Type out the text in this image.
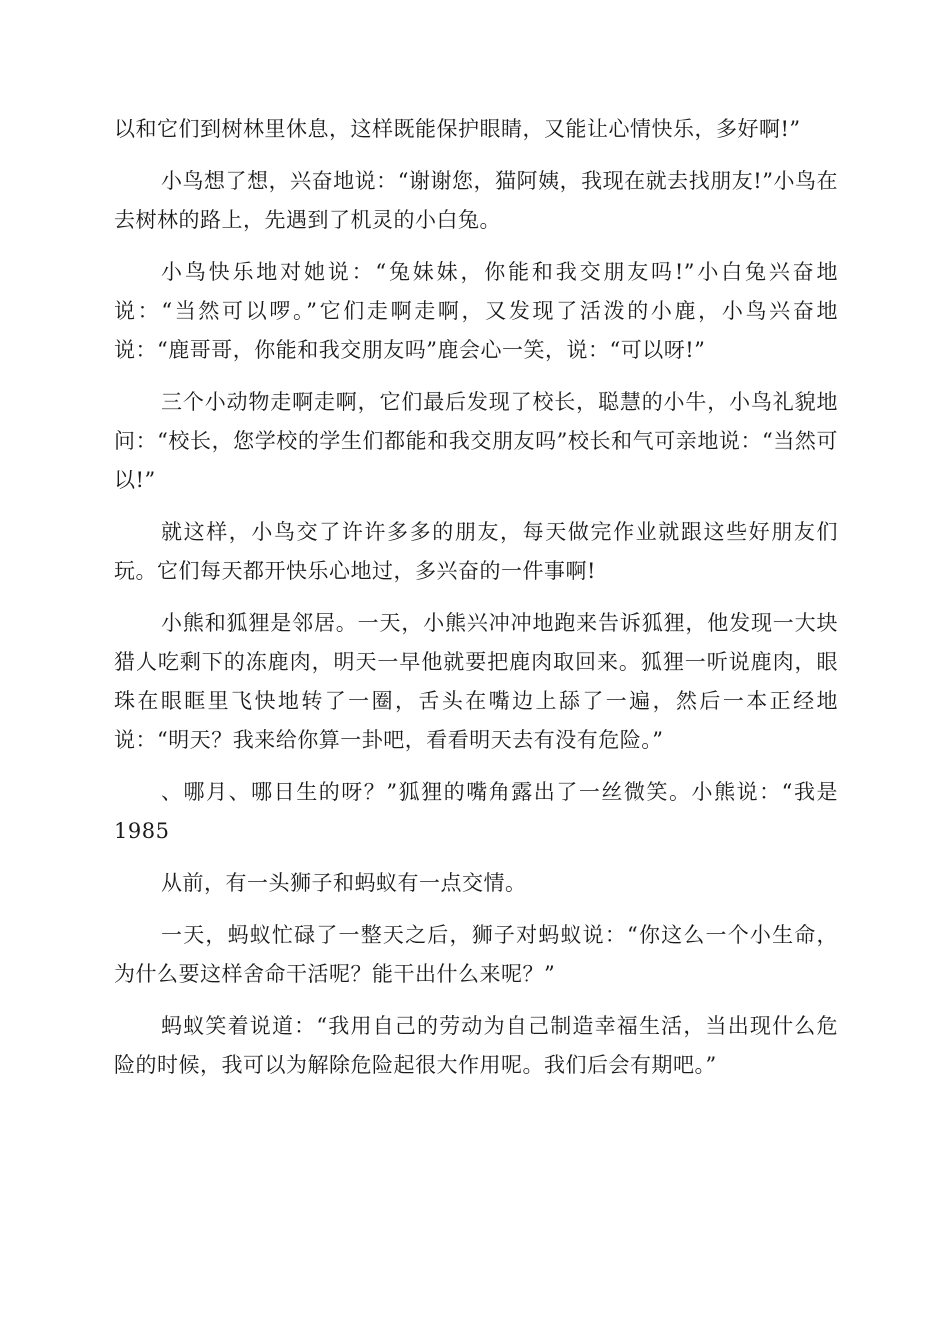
以和它们到树林里休息，这样既能保护眼睛，又能让心情快乐，多好啊!”

小鸟想了想，兴奋地说：“谢谢您，猫阿姨，我现在就去找朋友!”小鸟在去树林的路上，先遇到了机灵的小白兔。

小鸟快乐地对她说：“兔妹妹，你能和我交朋友吗!”小白兔兴奋地说：“当然可以啰。”它们走啊走啊，又发现了活泼的小鹿，小鸟兴奋地说：“鹿哥哥，你能和我交朋友吗”鹿会心一笑，说：“可以呀!”

三个小动物走啊走啊，它们最后发现了校长，聪慧的小牛，小鸟礼貌地问：“校长，您学校的学生们都能和我交朋友吗”校长和气可亲地说：“当然可以!”

就这样，小鸟交了许许多多的朋友，每天做完作业就跟这些好朋友们玩。它们每天都开快乐心地过，多兴奋的一件事啊!

小熊和狐狸是邻居。一天，小熊兴冲冲地跑来告诉狐狸，他发现一大块猎人吃剩下的冻鹿肉，明天一早他就要把鹿肉取回来。狐狸一听说鹿肉，眼珠在眼眶里飞快地转了一圈，舌头在嘴边上舔了一遍，然后一本正经地说：“明天？我来给你算一卦吧，看看明天去有没有危险。”

、哪月、哪日生的呀？”狐狸的嘴角露出了一丝微笑。小熊说：“我是1985

从前，有一头狮子和蚂蚁有一点交情。

一天，蚂蚁忙碌了一整天之后，狮子对蚂蚁说：“你这么一个小生命，为什么要这样舍命干活呢？能干出什么来呢？”

蚂蚁笑着说道：“我用自己的劳动为自己制造幸福生活，当出现什么危险的时候，我可以为解除危险起很大作用呢。我们后会有期吧。”
